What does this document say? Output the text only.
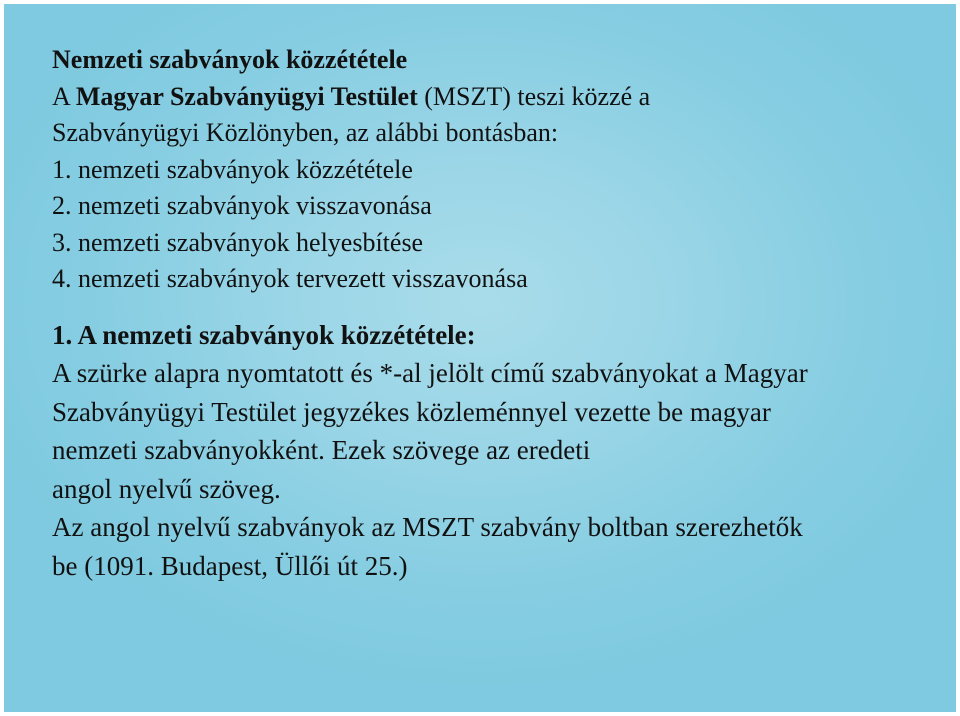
Nemzeti szabványok közzététele

A Magyar Szabványügyi Testület (MSZT) teszi közzé a

Szabványügyi Közlönyben, az alábbi bontásban:

1. nemzeti szabványok közzététele

2. nemzeti szabványok visszavonása

3. nemzeti szabványok helyesbítése

4. nemzeti szabványok tervezett visszavonása

1. A nemzeti szabványok közzététele:

A szürke alapra nyomtatott és *-al jelölt című szabványokat a Magyar

Szabványügyi Testület jegyzékes közleménnyel vezette be magyar

nemzeti szabványokként. Ezek szövege az eredeti

angol nyelvű szöveg.

Az angol nyelvű szabványok az MSZT szabvány boltban szerezhetők

be (1091. Budapest, Üllői út 25.)
